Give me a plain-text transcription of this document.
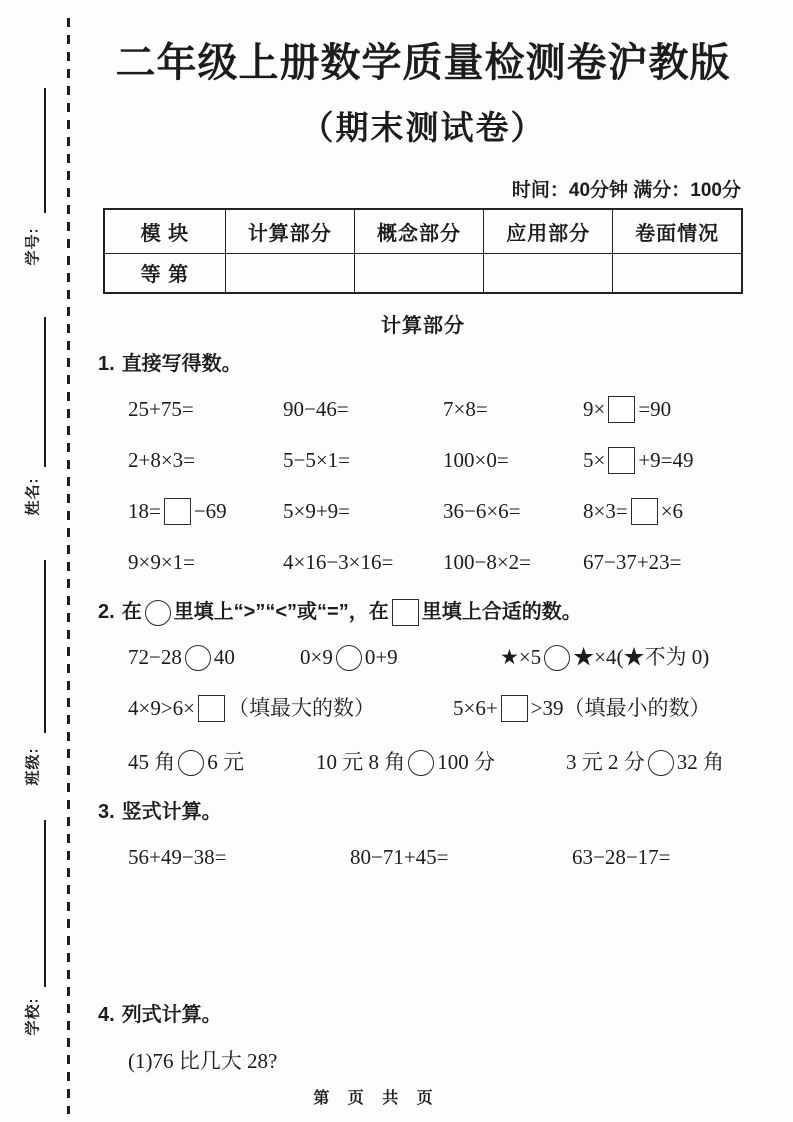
学号:
姓名:
班级:
学校:
二年级上册数学质量检测卷沪教版
（期末测试卷）
时间：40分钟 满分：100分
模 块	计算部分	概念部分	应用部分	卷面情况
等 第				
计算部分
1. 直接写得数。
25+75=	90−46=	7×8=	9× =90
2+8×3=	5−5×1=	100×0=	5× +9=49
18= −69	5×9+9=	36−6×6=	8×3= ×6
9×9×1=	4×16−3×16=	100−8×2=	67−37+23=
2. 在 里填上“>”“<”或“=”，在 里填上合适的数。
72−28 40	0×9 0+9	★×5 ★×4(★不为 0)
4×9>6× （填最大的数）	5×6+ >39（填最小的数）
45 角 6 元	10 元 8 角 100 分	3 元 2 分 32 角
3. 竖式计算。
56+49−38=	80−71+45=	63−28−17=
4. 列式计算。
(1)76 比几大 28?
第 页 共 页
